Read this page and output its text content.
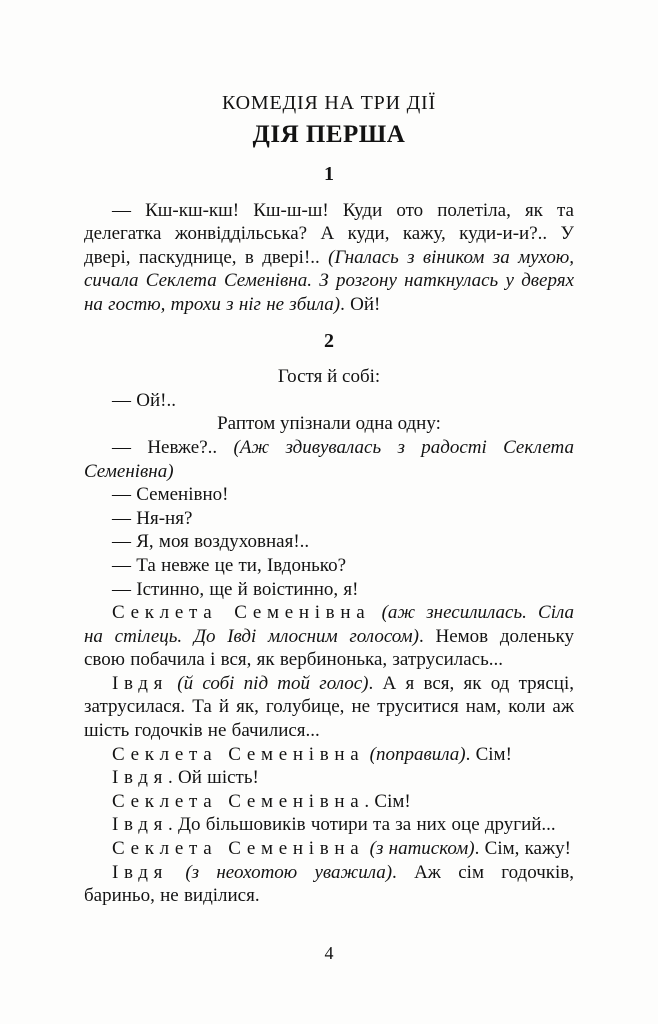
КОМЕДІЯ НА ТРИ ДІЇ
ДІЯ ПЕРША
1
— Кш-кш-кш! Кш-ш-ш! Куди ото полетіла, як та делегатка жонвіддільська? А куди, кажу, куди-и-и?.. У двері, паскуднице, в двері!.. (Гналась з віником за мухою, сичала Секлета Семенівна. З розгону наткнулась у дверях на гостю, трохи з ніг не збила). Ой!
2
Гостя й собі:
— Ой!..
Раптом упізнали одна одну:
— Невже?.. (Аж здивувалась з радості Секлета Семенівна)
— Семенівно!
— Ня-ня?
— Я, моя воздуховная!..
— Та невже це ти, Івдонько?
— Істинно, ще й воістинно, я!
Секлета Семенівна (аж знесилилась. Сіла на стілець. До Івді млосним голосом). Немов доленьку свою побачила і вся, як вербинонька, затрусилась...
Івдя (й собі під той голос). А я вся, як од трясці, затрусилася. Та й як, голубице, не труситися нам, коли аж шість годочків не бачилися...
Секлета Семенівна (поправила). Сім!
Івдя. Ой шість!
Секлета Семенівна. Сім!
Івдя. До більшовиків чотири та за них оце другий...
Секлета Семенівна (з натиском). Сім, кажу!
Івдя (з неохотою уважила). Аж сім годочків, бариньо, не виділися.
4
